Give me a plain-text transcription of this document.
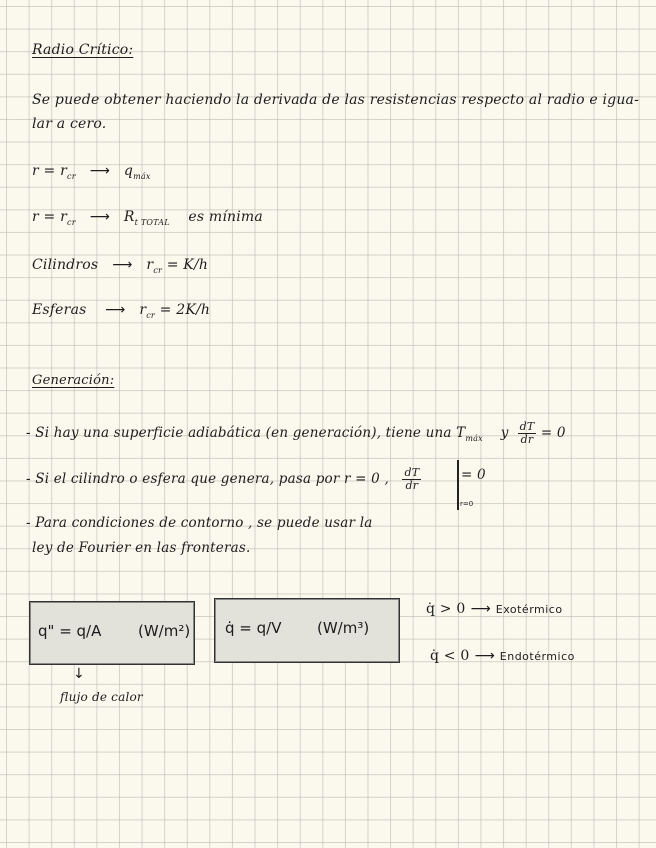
Radio Crítico:
Se puede obtener haciendo la derivada de las resistencias respecto al radio e igua-
lar a cero.
$r = r_{cr}$ ⟶ $q_{máx}$
$r = r_{cr}$ ⟶ $R_{t TOTAL}$ es mínima
Cilindros ⟶ $r_{cr} = K/h$
Esferas ⟶ $r_{cr} = 2K/h$
Generación:
- Si hay una superficie adiabática (en generación), tiene una $T_{máx}$ y $\frac{dT}{dr} = 0$
- Si el cilindro o esfera que genera, pasa por r = 0 , $\frac{dT}{dr}$	= 0
r=0
- Para condiciones de contorno , se puede usar la
ley de Fourier en las fronteras.
q" = q/A (W/m²) q̇ = q/V (W/m³)
↓
flujo de calor
q̇ > 0 ⟶ Exotérmico
q̇ < 0 ⟶ Endotérmico
